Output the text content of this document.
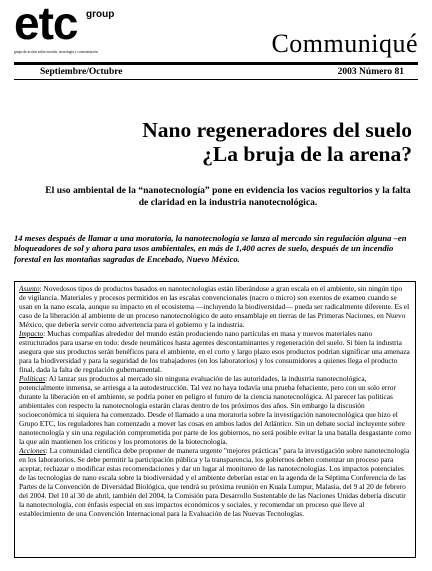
etc group
grupo de acción sobre erosión, tecnología y concentración	Communiqué
Septiembre/Octubre	2003 Número 81
Nano regeneradores del suelo
¿La bruja de la arena?
El uso ambiental de la “nanotecnología” pone en evidencia los vacíos regultorios y la falta de claridad en la industria nanotecnológica.
14 meses después de llamar a una moratoria, la nanotecnología se lanza al mercado sin regulación alguna –en bloqueadores de sol y ahora para usos ambientales, en más de 1,400 acres de suelo, después de un incendio forestal en las montañas sagradas de Encebado, Nuevo México.

Asunto: Novedosos tipos de productos basados en nanotecnologías están liberándose a gran escala en el ambiente, sin ningún tipo de vigilancia. Materiales y procesos permitidos en las escalas convencionales (nacro o micro) son exentos de examen cuando se usan en la nano escala, aunque su impacto en el ecosistema —incluyendo la biodiversidad— pueda ser radicalmente diferente. Es el caso de la liberación al ambiente de un proceso nanotecnológico de auto ensamblaje en tierras de las Primeras Naciones, en Nuevo México, que debería servir como advertencia para el gobierno y la industria.

Impacto: Muchas compañías alrededor del mundo están produciendo nano partículas en masa y nuevos materiales nano estructurados para usarse en todo: desde neumáticos hasta agentes descontaminantes y regeneración del suelo. Si bien la industria asegura que sus productos serán benéficos para el ambiente, en el corto y largo plazo esos productos podrían significar una amenaza para la biodiversidad y para la seguridad de los trabajadores (en los laboratorios) y los consumidores a quienes llega el producto final, dada la falta de regulación gubernamental.

Políticas: Al lanzar sus productos al mercado sin ninguna evaluación de las autoridades, la industria nanotecnológica, potencialmente inmensa, se arriesga a la autodestrucción. Tal vez no haya todavía una prueba fehaciente, pero con un solo error durante la liberación en el ambiente, se podría poner en peligro el futuro de la ciencia nanotecnológica. Al parecer las políticas ambientales con respecto la nanotecnología estarán claras dentro de los próximos dos años. Sin embargo la discusión socioeconómica ni siquiera ha comenzado. Desde el llamado a una moratoria sobre la investigación nanotecnológica que hizo el Grupo ETC, los reguladores han comenzado a mover las cosas en ambos lados del Atlántico. Sin un debate social incluyente sobre nanotecnología y sin una regulación comprometida por parte de los gobiernos, no será posible evitar la una batalla desgastante como la que aún mantienen los críticos y los promotores de la biotecnología.

Acciones: La comunidad científica debe proponer de manera urgente "mejores prácticas" para la investigación sobre nanotecnología en los laboratorios. Se debe permitir la participación pública y la transparencia, los gobiernos deben comenzar un proceso para aceptar, rechazar o modificar estas recomendaciones y dar un lugar al monitoreo de las nanotecnologías. Los impactos potenciales de las tecnologías de nano escala sobre la biodiversidad y el ambiente deberían estar en la agenda de la Séptima Conferencia de las Partes de la Convención de Diversidad Biológica, que tendrá su próxima reunión en Kuala Lumpur, Malasia, del 9 al 20 de febrero del 2004. Del 10 al 30 de abril, también del 2004, la Comisión para Desarrollo Sustentable de las Naciones Unidas debería discutir la nanotecnología, con énfasis especial en sus impactos económicos y sociales, y recomendar un proceso que lleve al establecimiento de una Convención Internacional para la Evaluación de las Nuevas Tecnologías.
